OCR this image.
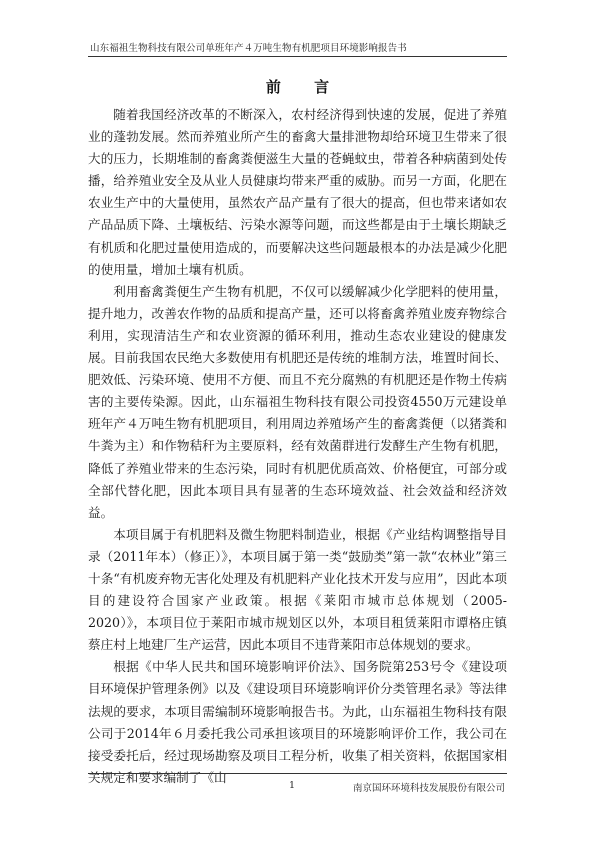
山东福祖生物科技有限公司单班年产４万吨生物有机肥项目环境影响报告书
前 言

随着我国经济改革的不断深入，农村经济得到快速的发展，促进了养殖业的蓬勃发展。然而养殖业所产生的畜禽大量排泄物却给环境卫生带来了很大的压力，长期堆制的畜禽粪便滋生大量的苍蝇蚊虫，带着各种病菌到处传播，给养殖业安全及从业人员健康均带来严重的威胁。而另一方面，化肥在农业生产中的大量使用，虽然农产品产量有了很大的提高，但也带来诸如农产品品质下降、土壤板结、污染水源等问题，而这些都是由于土壤长期缺乏有机质和化肥过量使用造成的，而要解决这些问题最根本的办法是减少化肥的使用量，增加土壤有机质。

利用畜禽粪便生产生物有机肥，不仅可以缓解减少化学肥料的使用量，提升地力，改善农作物的品质和提高产量，还可以将畜禽养殖业废弃物综合利用，实现清洁生产和农业资源的循环利用，推动生态农业建设的健康发展。目前我国农民绝大多数使用有机肥还是传统的堆制方法，堆置时间长、肥效低、污染环境、使用不方便、而且不充分腐熟的有机肥还是作物土传病害的主要传染源。因此，山东福祖生物科技有限公司投资4550万元建设单班年产４万吨生物有机肥项目，利用周边养殖场产生的畜禽粪便（以猪粪和牛粪为主）和作物秸秆为主要原料，经有效菌群进行发酵生产生物有机肥，降低了养殖业带来的生态污染，同时有机肥优质高效、价格便宜，可部分或全部代替化肥，因此本项目具有显著的生态环境效益、社会效益和经济效益。

本项目属于有机肥料及微生物肥料制造业，根据《产业结构调整指导目录（2011年本）（修正）》，本项目属于第一类“鼓励类”第一款“农林业”第三十条“有机废弃物无害化处理及有机肥料产业化技术开发与应用”，因此本项目的建设符合国家产业政策。根据《莱阳市城市总体规划（2005-2020）》，本项目位于莱阳市城市规划区以外，本项目租赁莱阳市谭格庄镇蔡庄村上地建厂生产运营，因此本项目不违背莱阳市总体规划的要求。

根据《中华人民共和国环境影响评价法》、国务院第253号令《建设项目环境保护管理条例》以及《建设项目环境影响评价分类管理名录》等法律法规的要求，本项目需编制环境影响报告书。为此，山东福祖生物科技有限公司于2014年６月委托我公司承担该项目的环境影响评价工作，我公司在接受委托后，经过现场勘察及项目工程分析，收集了相关资料，依据国家相关规定和要求编制了《山

1	南京国环环境科技发展股份有限公司
